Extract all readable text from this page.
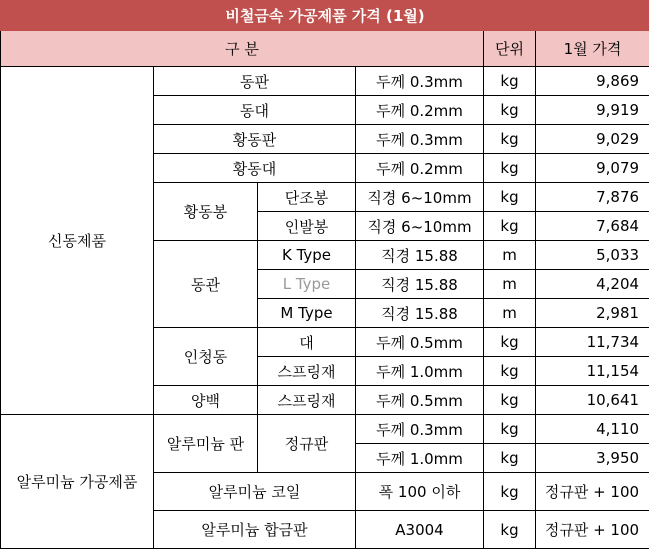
비철금속 가공제품 가격 (1월)					
구 분				단위	1월 가격
신동제품	동판		두께 0.3mm	kg	9,869
	동대		두께 0.2mm	kg	9,919
	황동판		두께 0.3mm	kg	9,029
	황동대		두께 0.2mm	kg	9,079
	황동봉	단조봉	직경 6~10mm	kg	7,876
		인발봉	직경 6~10mm	kg	7,684
	동관	K Type	직경 15.88	m	5,033
		L Type	직경 15.88	m	4,204
		M Type	직경 15.88	m	2,981
	인청동	대	두께 0.5mm	kg	11,734
		스프링재	두께 1.0mm	kg	11,154
	양백	스프링재	두께 0.5mm	kg	10,641
알루미늄 가공제품	알루미늄 판	정규판	두께 0.3mm	kg	4,110
			두께 1.0mm	kg	3,950
	알루미늄 코일		폭 100 이하	kg	정규판 + 100
	알루미늄 합금판		A3004	kg	정규판 + 100
